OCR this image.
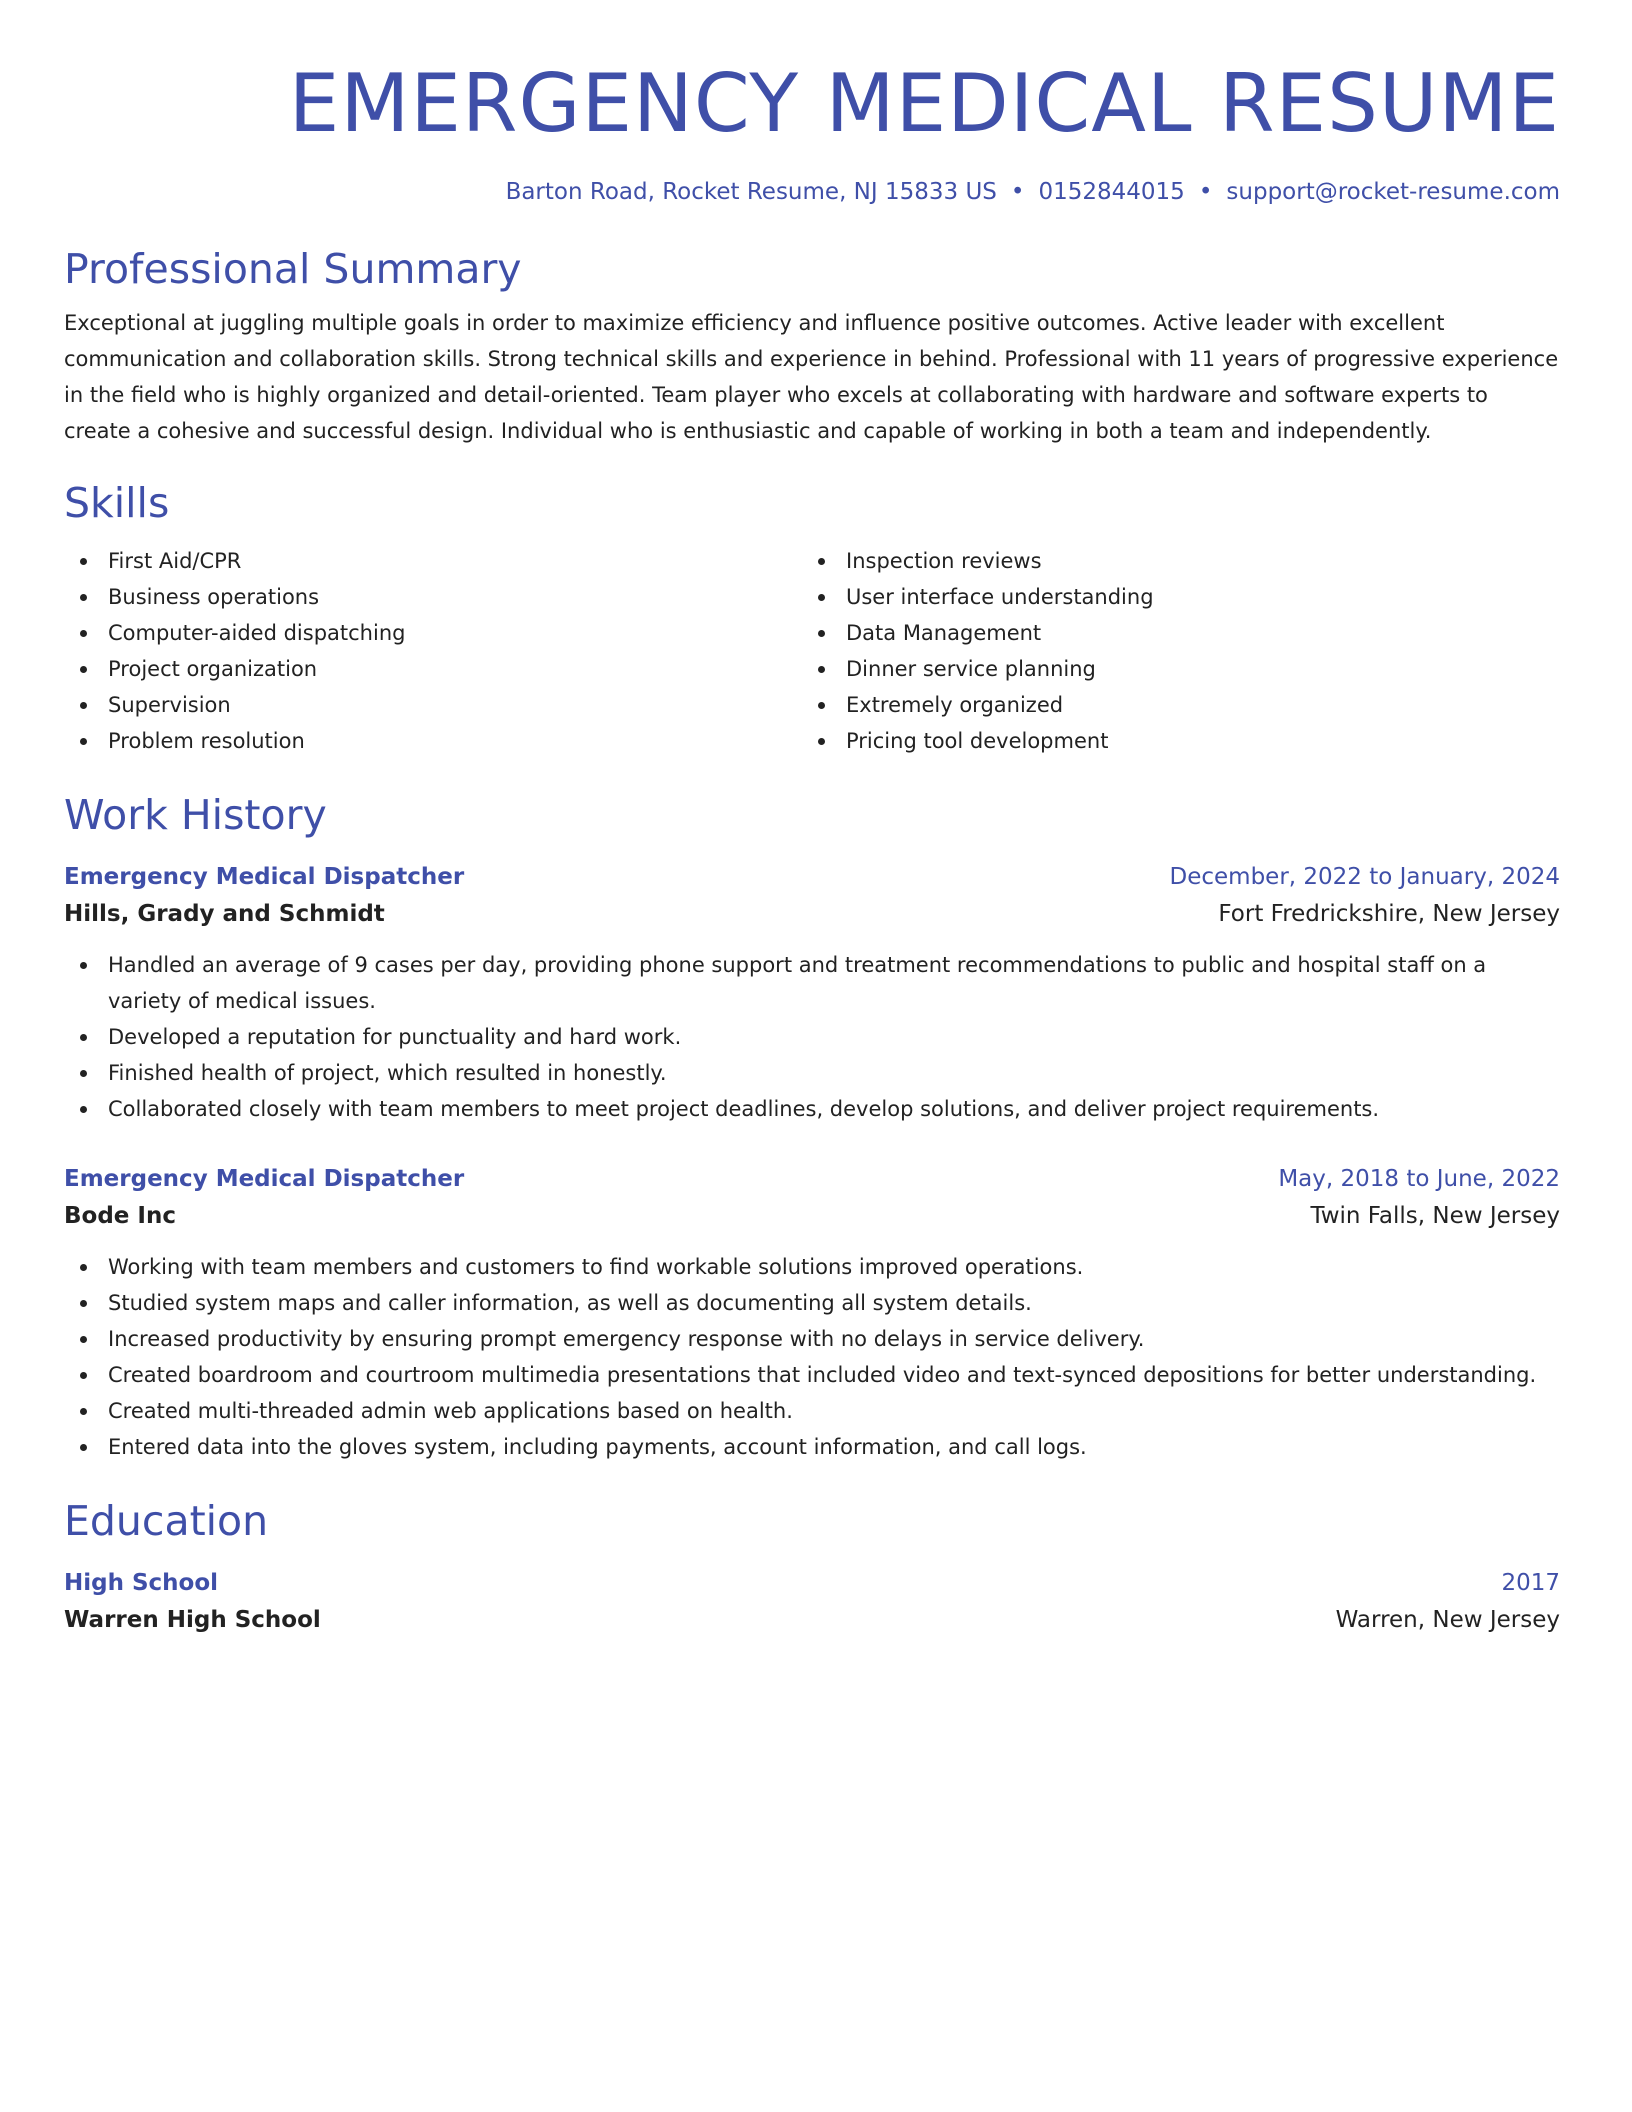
EMERGENCY MEDICAL RESUME
Barton Road, Rocket Resume, NJ 15833 US • 0152844015 • support@rocket-resume.com
Professional Summary
Exceptional at juggling multiple goals in order to maximize efficiency and influence positive outcomes. Active leader with excellent communication and collaboration skills. Strong technical skills and experience in behind. Professional with 11 years of progressive experience in the field who is highly organized and detail-oriented. Team player who excels at collaborating with hardware and software experts to create a cohesive and successful design. Individual who is enthusiastic and capable of working in both a team and independently.
Skills
First Aid/CPR
Business operations
Computer-aided dispatching
Project organization
Supervision
Problem resolution
Inspection reviews
User interface understanding
Data Management
Dinner service planning
Extremely organized
Pricing tool development
Work History
Emergency Medical Dispatcher	December, 2022 to January, 2024
Hills, Grady and Schmidt	Fort Fredrickshire, New Jersey
Handled an average of 9 cases per day, providing phone support and treatment recommendations to public and hospital staff on a variety of medical issues.
Developed a reputation for punctuality and hard work.
Finished health of project, which resulted in honestly.
Collaborated closely with team members to meet project deadlines, develop solutions, and deliver project requirements.
Emergency Medical Dispatcher	May, 2018 to June, 2022
Bode Inc	Twin Falls, New Jersey
Working with team members and customers to find workable solutions improved operations.
Studied system maps and caller information, as well as documenting all system details.
Increased productivity by ensuring prompt emergency response with no delays in service delivery.
Created boardroom and courtroom multimedia presentations that included video and text-synced depositions for better understanding.
Created multi-threaded admin web applications based on health.
Entered data into the gloves system, including payments, account information, and call logs.
Education
High School	2017
Warren High School	Warren, New Jersey
